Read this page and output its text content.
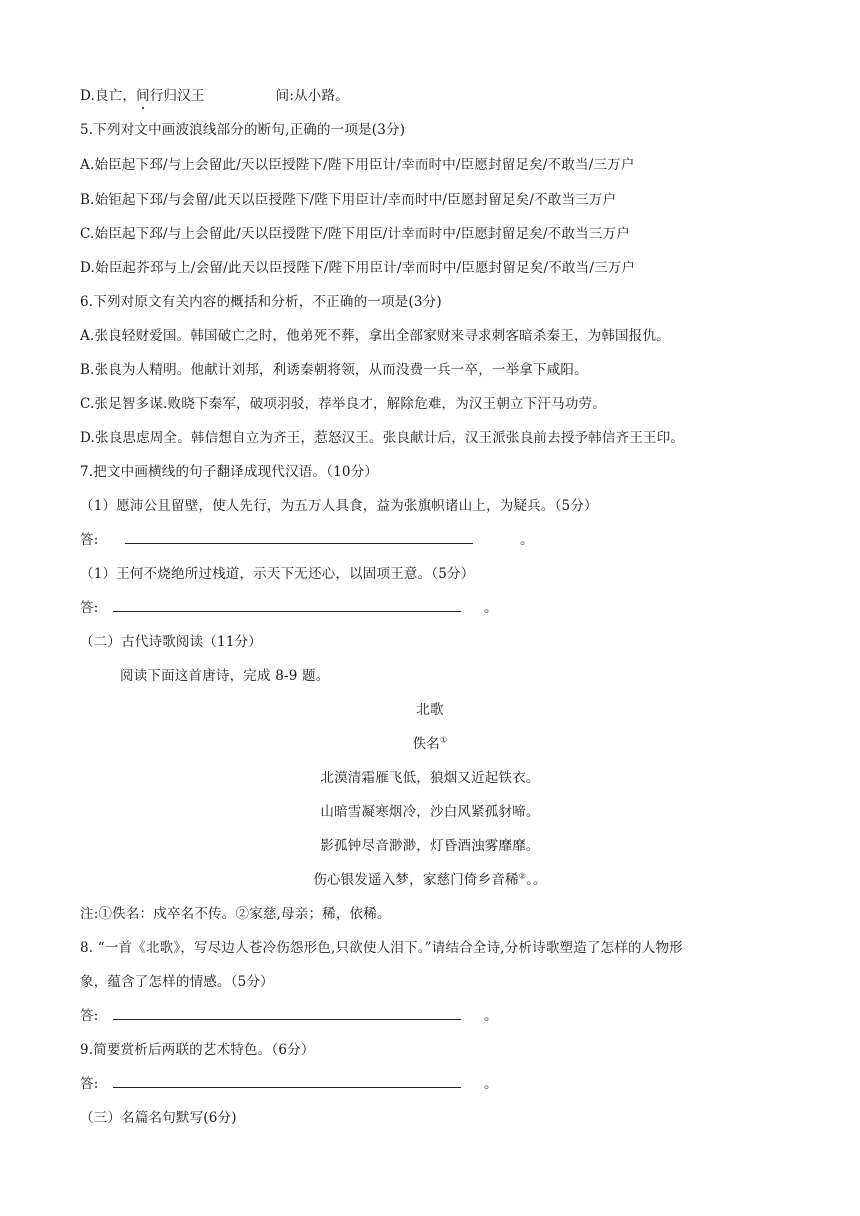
D.良亡，间行归汉王	间:从小路。
5.下列对文中画波浪线部分的断句,正确的一项是(3分)
A.始臣起下邳/与上会留此/天以臣授陛下/陛下用臣计/幸而时中/臣愿封留足矣/不敢当/三万户
B.始钜起下邳/与会留/此天以臣授陛下/陛下用臣计/幸而时中/臣愿封留足矣/不敢当三万户
C.始臣起下邳/与上会留此/天以臣授陛下/陛下用臣/计幸而时中/臣愿封留足矣/不敢当三万户
D.始臣起芥邳与上/会留/此天以臣授陛下/陛下用臣计/幸而时中/臣愿封留足矣/不敢当/三万户
6.下列对原文有关内容的概括和分析，不正确的一项是(3分)
A.张良轻财爱国。韩国破亡之时，他弟死不葬，拿出全部家财来寻求刺客暗杀秦王，为韩国报仇。
B.张良为人精明。他献计刘邦，利诱秦朝将领，从而没费一兵一卒，一举拿下咸阳。
C.张足智多谋.败晓下秦军，破项羽驳，荐举良才，解除危难，为汉王朝立下汗马功劳。
D.张良思虑周全。韩信想自立为齐王，惹怒汉王。张良献计后，汉王派张良前去授予韩信齐王王印。
7.把文中画横线的句子翻译成现代汉语。（10分）
（1）愿沛公且留壁，使人先行，为五万人具食，益为张旗帜诸山上，为疑兵。（5分）
答:	。
（1）王何不烧绝所过栈道，示天下无还心，以固项王意。（5分）
答:	。
（二）古代诗歌阅读（11分）
阅读下面这首唐诗，完成 8-9 题。
北歌
佚名①
北漠清霜雁飞低，狼烟又近起铁衣。
山暗雪凝寒烟冷，沙白风紧孤豺啼。
影孤钟尽音渺渺，灯昏酒浊雾靡靡。
伤心银发遥入梦，家慈门倚乡音稀②。。
注:①佚名：戍卒名不传。②家慈,母亲；稀，依稀。
8. “一首《北歌》，写尽边人苍冷伤怨形色,只欲使人泪下。”请结合全诗,分析诗歌塑造了怎样的人物形
象，蕴含了怎样的情感。（5分）
答:	。
9.简要赏析后两联的艺术特色。（6分）
答:	。
（三）名篇名句默写(6分)
